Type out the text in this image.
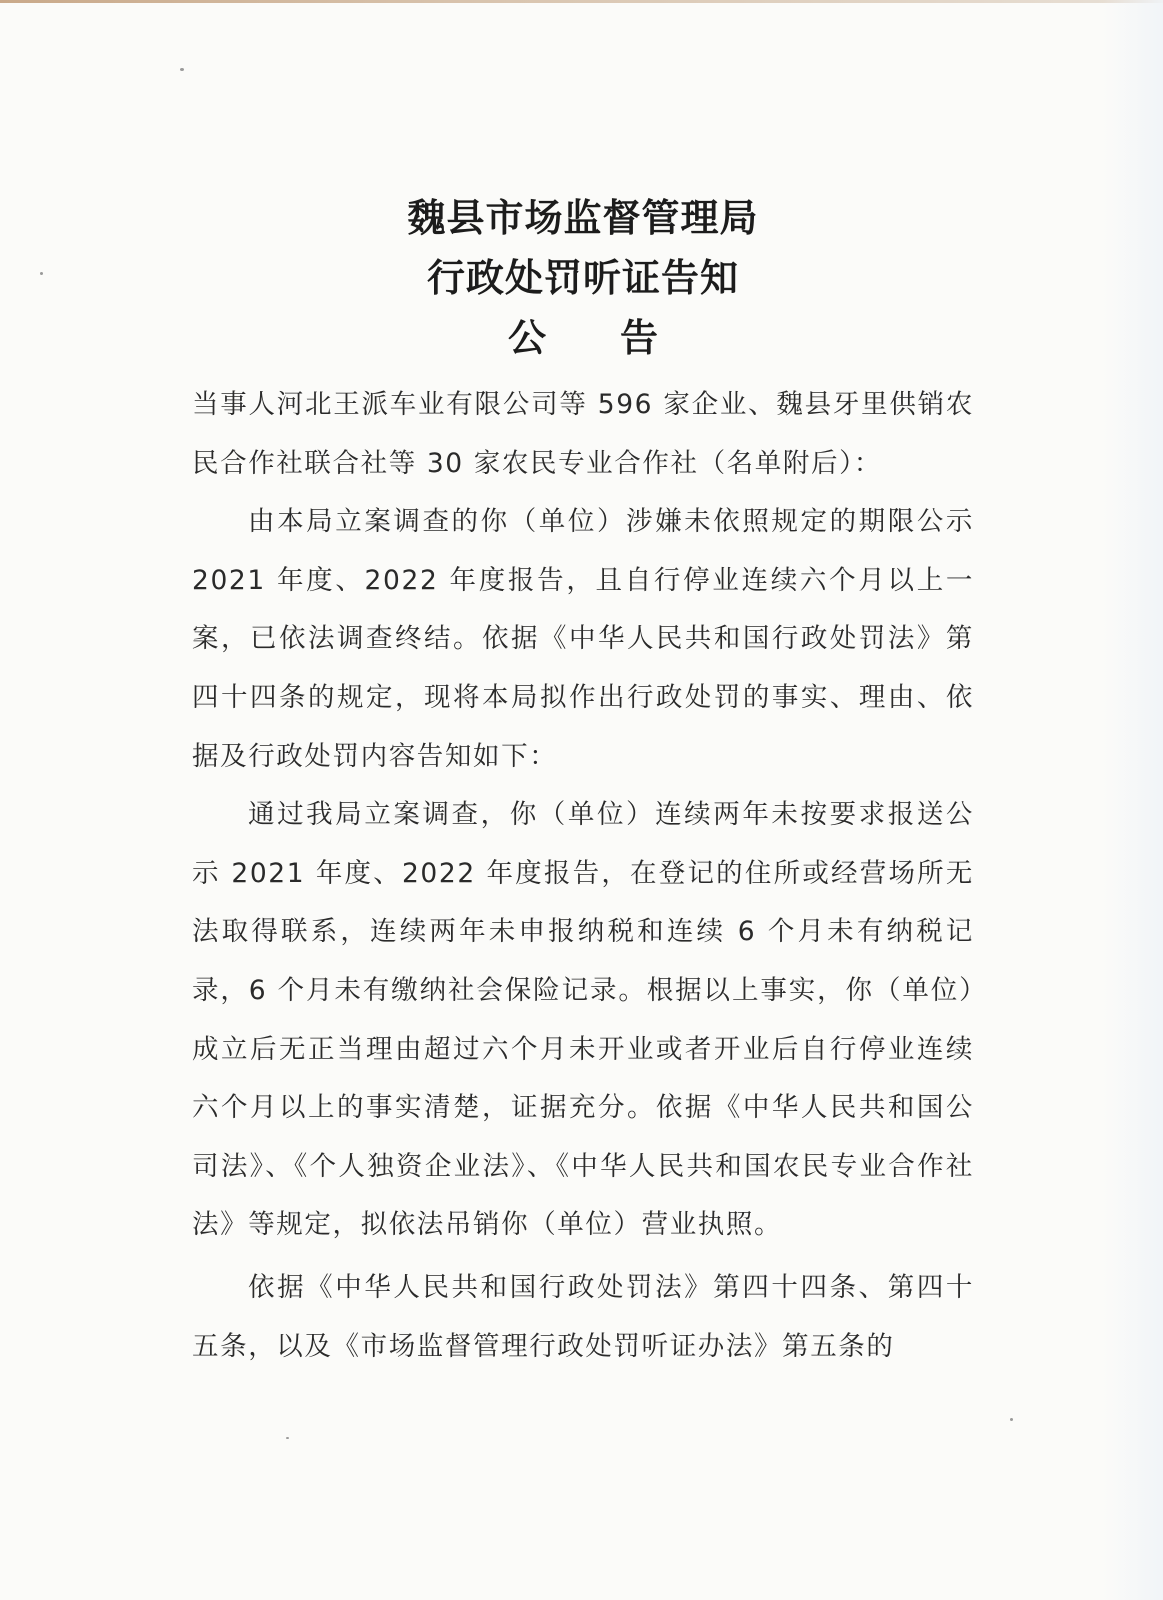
魏县市场监督管理局
行政处罚听证告知
公告

当事人河北王派车业有限公司等 596 家企业、魏县牙里供销农民合作社联合社等 30 家农民专业合作社（名单附后）：

由本局立案调查的你（单位）涉嫌未依照规定的期限公示 2021 年度、2022 年度报告，且自行停业连续六个月以上一案，已依法调查终结。依据《中华人民共和国行政处罚法》第四十四条的规定，现将本局拟作出行政处罚的事实、理由、依据及行政处罚内容告知如下：

通过我局立案调查，你（单位）连续两年未按要求报送公示 2021 年度、2022 年度报告，在登记的住所或经营场所无法取得联系，连续两年未申报纳税和连续 6 个月未有纳税记录，6 个月未有缴纳社会保险记录。根据以上事实，你（单位）成立后无正当理由超过六个月未开业或者开业后自行停业连续六个月以上的事实清楚，证据充分。依据《中华人民共和国公司法》、《个人独资企业法》、《中华人民共和国农民专业合作社法》等规定，拟依法吊销你（单位）营业执照。

依据《中华人民共和国行政处罚法》第四十四条、第四十五条，以及《市场监督管理行政处罚听证办法》第五条的
